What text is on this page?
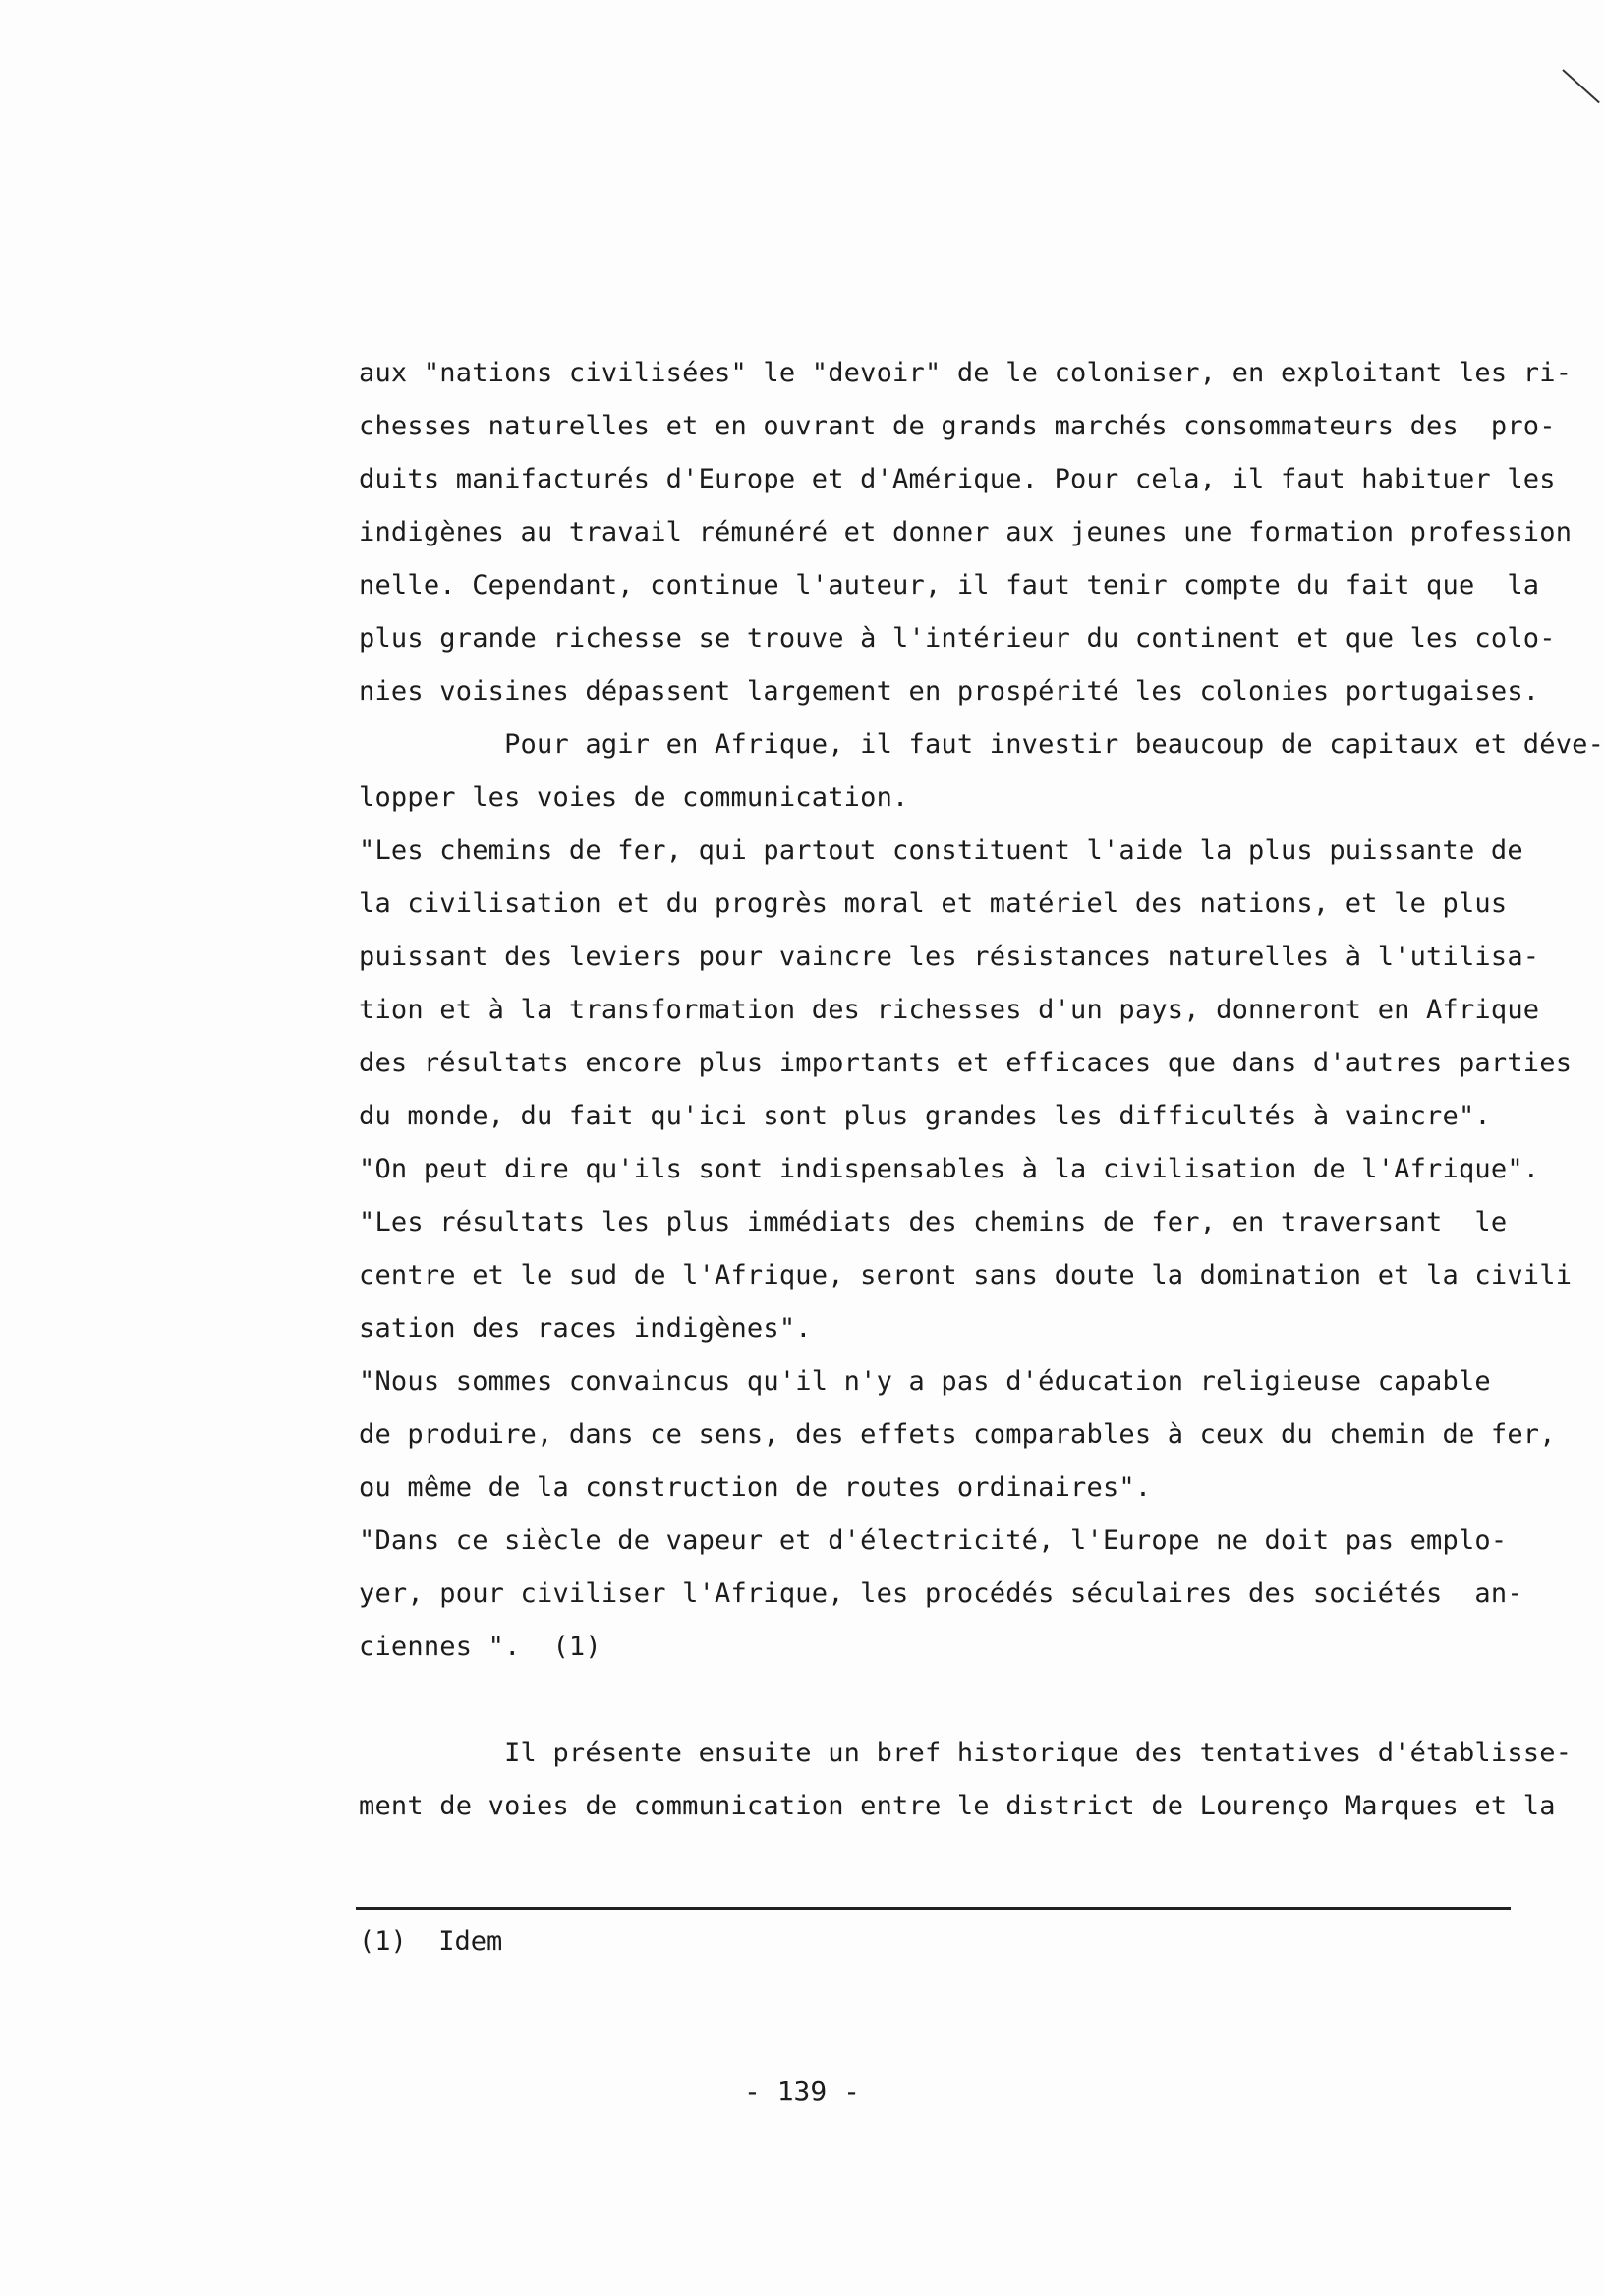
aux "nations civilisées" le "devoir" de le coloniser, en exploitant les ri-
chesses naturelles et en ouvrant de grands marchés consommateurs des  pro-
duits manifacturés d'Europe et d'Amérique. Pour cela, il faut habituer les
indigènes au travail rémunéré et donner aux jeunes une formation profession
nelle. Cependant, continue l'auteur, il faut tenir compte du fait que  la
plus grande richesse se trouve à l'intérieur du continent et que les colo-
nies voisines dépassent largement en prospérité les colonies portugaises.
Pour agir en Afrique, il faut investir beaucoup de capitaux et déve-
lopper les voies de communication.
"Les chemins de fer, qui partout constituent l'aide la plus puissante de
la civilisation et du progrès moral et matériel des nations, et le plus
puissant des leviers pour vaincre les résistances naturelles à l'utilisa-
tion et à la transformation des richesses d'un pays, donneront en Afrique
des résultats encore plus importants et efficaces que dans d'autres parties
du monde, du fait qu'ici sont plus grandes les difficultés à vaincre".
"On peut dire qu'ils sont indispensables à la civilisation de l'Afrique".
"Les résultats les plus immédiats des chemins de fer, en traversant  le
centre et le sud de l'Afrique, seront sans doute la domination et la civili
sation des races indigènes".
"Nous sommes convaincus qu'il n'y a pas d'éducation religieuse capable
de produire, dans ce sens, des effets comparables à ceux du chemin de fer,
ou même de la construction de routes ordinaires".
"Dans ce siècle de vapeur et d'électricité, l'Europe ne doit pas emplo-
yer, pour civiliser l'Afrique, les procédés séculaires des sociétés  an-
ciennes ".  (1)
Il présente ensuite un bref historique des tentatives d'établisse-
ment de voies de communication entre le district de Lourenço Marques et la
(1)  Idem
- 139 -
